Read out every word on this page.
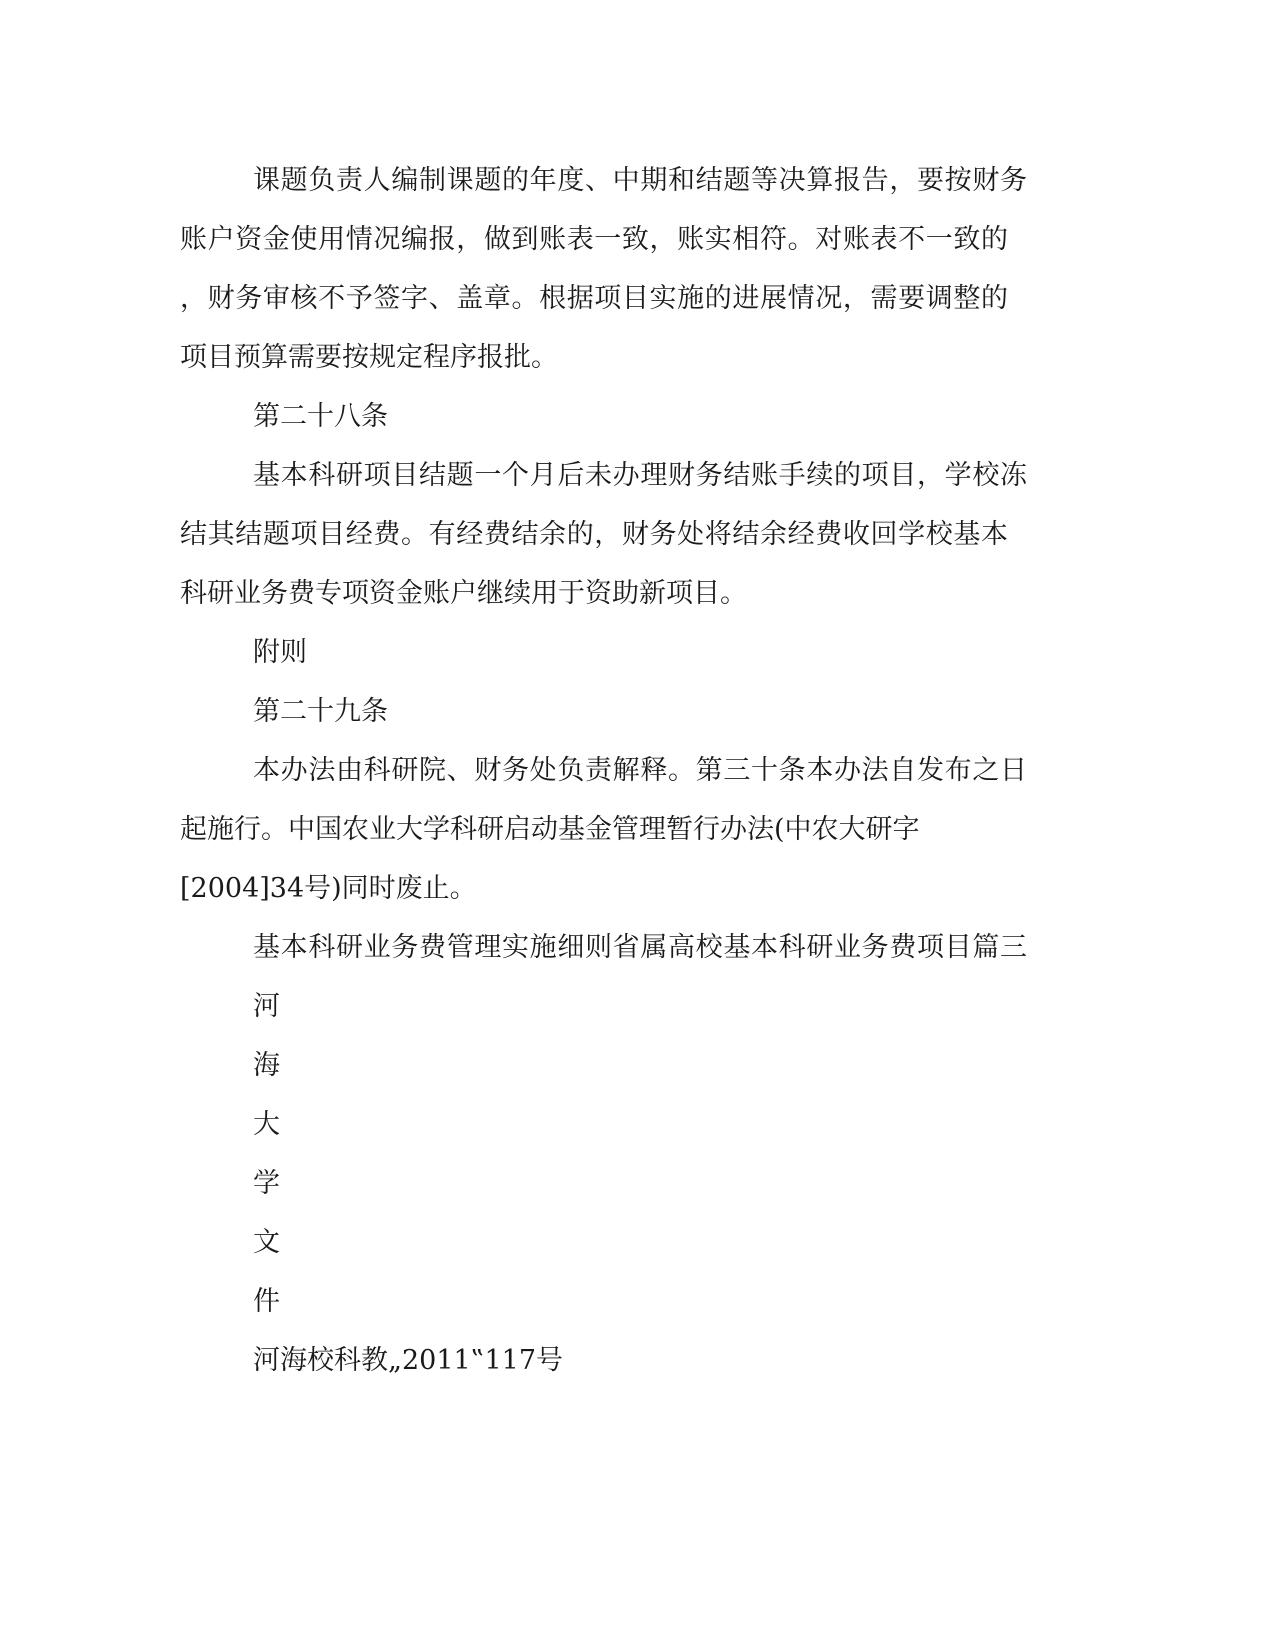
课题负责人编制课题的年度、中期和结题等决算报告，要按财务
账户资金使用情况编报，做到账表一致，账实相符。对账表不一致的
，财务审核不予签字、盖章。根据项目实施的进展情况，需要调整的
项目预算需要按规定程序报批。
第二十八条
基本科研项目结题一个月后未办理财务结账手续的项目，学校冻
结其结题项目经费。有经费结余的，财务处将结余经费收回学校基本
科研业务费专项资金账户继续用于资助新项目。
附则
第二十九条
本办法由科研院、财务处负责解释。第三十条本办法自发布之日
起施行。中国农业大学科研启动基金管理暂行办法(中农大研字
[2004]34号)同时废止。
基本科研业务费管理实施细则省属高校基本科研业务费项目篇三
河
海
大
学
文
件
河海校科教„2011‟117号
